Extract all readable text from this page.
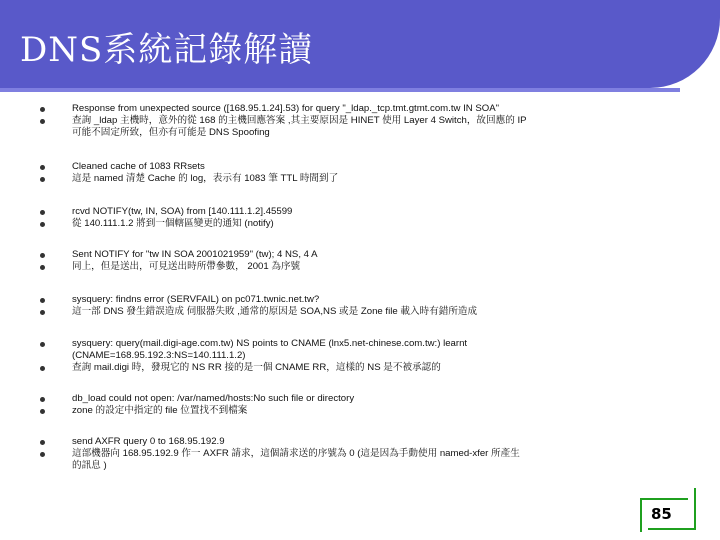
DNS系統記錄解讀
Response from unexpected source ([168.95.1.24].53) for query "_ldap._tcp.tmt.gtmt.com.tw IN SOA"
查詢 _ldap 主機時，意外的從 168 的主機回應答案 ,其主要原因是 HINET 使用 Layer 4 Switch，故回應的 IP
可能不固定所致，但亦有可能是 DNS Spoofing
Cleaned cache of 1083 RRsets
這是 named 清楚 Cache 的 log，表示有 1083 筆 TTL 時間到了
rcvd NOTIFY(tw, IN, SOA) from [140.111.1.2].45599
從 140.111.1.2 將到一個轄區變更的通知 (notify)
Sent NOTIFY for "tw IN SOA 2001021959" (tw); 4 NS, 4 A
同上，但是送出，可見送出時所帶參數， 2001 為序號
sysquery: findns error (SERVFAIL) on pc071.twnic.net.tw?
這一部 DNS 發生錯誤造成 伺服器失敗 ,通常的原因是 SOA,NS 或是 Zone file 載入時有錯所造成
sysquery: query(mail.digi-age.com.tw) NS points to CNAME (lnx5.net-chinese.com.tw:) learnt
(CNAME=168.95.192.3:NS=140.111.1.2)
查詢 mail.digi 時，發現它的 NS RR 接的是一個 CNAME RR，這樣的 NS 是不被承認的
db_load could not open: /var/named/hosts:No such file or directory
zone 的設定中指定的 file 位置找不到檔案
send AXFR query 0 to 168.95.192.9
這部機器向 168.95.192.9 作一 AXFR 請求，這個請求送的序號為 0 (這是因為手動使用 named-xfer 所產生
的訊息 )
85
